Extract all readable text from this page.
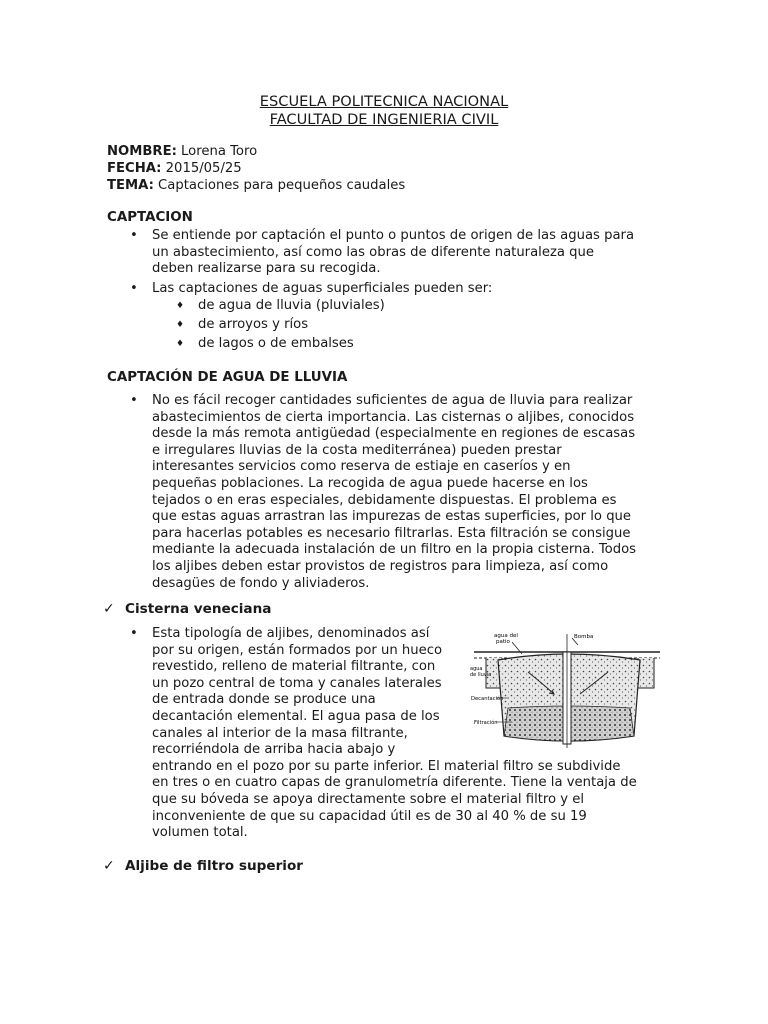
ESCUELA POLITECNICA NACIONAL
FACULTAD DE INGENIERIA CIVIL
NOMBRE: Lorena Toro
FECHA: 2015/05/25
TEMA: Captaciones para pequeños caudales
CAPTACION
• Se entiende por captación el punto o puntos de origen de las aguas para
un abastecimiento, así como las obras de diferente naturaleza que
deben realizarse para su recogida.
• Las captaciones de aguas superficiales pueden ser:
♦ de agua de lluvia (pluviales)
♦ de arroyos y ríos
♦ de lagos o de embalses
CAPTACIÓN DE AGUA DE LLUVIA
• No es fácil recoger cantidades suficientes de agua de lluvia para realizar
abastecimientos de cierta importancia. Las cisternas o aljibes, conocidos
desde la más remota antigüedad (especialmente en regiones de escasas
e irregulares lluvias de la costa mediterránea) pueden prestar
interesantes servicios como reserva de estiaje en caseríos y en
pequeñas poblaciones. La recogida de agua puede hacerse en los
tejados o en eras especiales, debidamente dispuestas. El problema es
que estas aguas arrastran las impurezas de estas superficies, por lo que
para hacerlas potables es necesario filtrarlas. Esta filtración se consigue
mediante la adecuada instalación de un filtro en la propia cisterna. Todos
los aljibes deben estar provistos de registros para limpieza, así como
desagües de fondo y aliviaderos.
✓ Cisterna veneciana
• Esta tipología de aljibes, denominados así
por su origen, están formados por un hueco
revestido, relleno de material filtrante, con
un pozo central de toma y canales laterales
de entrada donde se produce una
decantación elemental. El agua pasa de los
canales al interior de la masa filtrante,
recorriéndola de arriba hacia abajo y
entrando en el pozo por su parte inferior. El material filtro se subdivide
en tres o en cuatro capas de granulometría diferente. Tiene la ventaja de
que su bóveda se apoya directamente sobre el material filtro y el
inconveniente de que su capacidad útil es de 30 al 40 % de su 19
volumen total.
agua del
patio
Bomba
agua
de lluvia
Decantación
Filtración
✓ Aljibe de filtro superior
